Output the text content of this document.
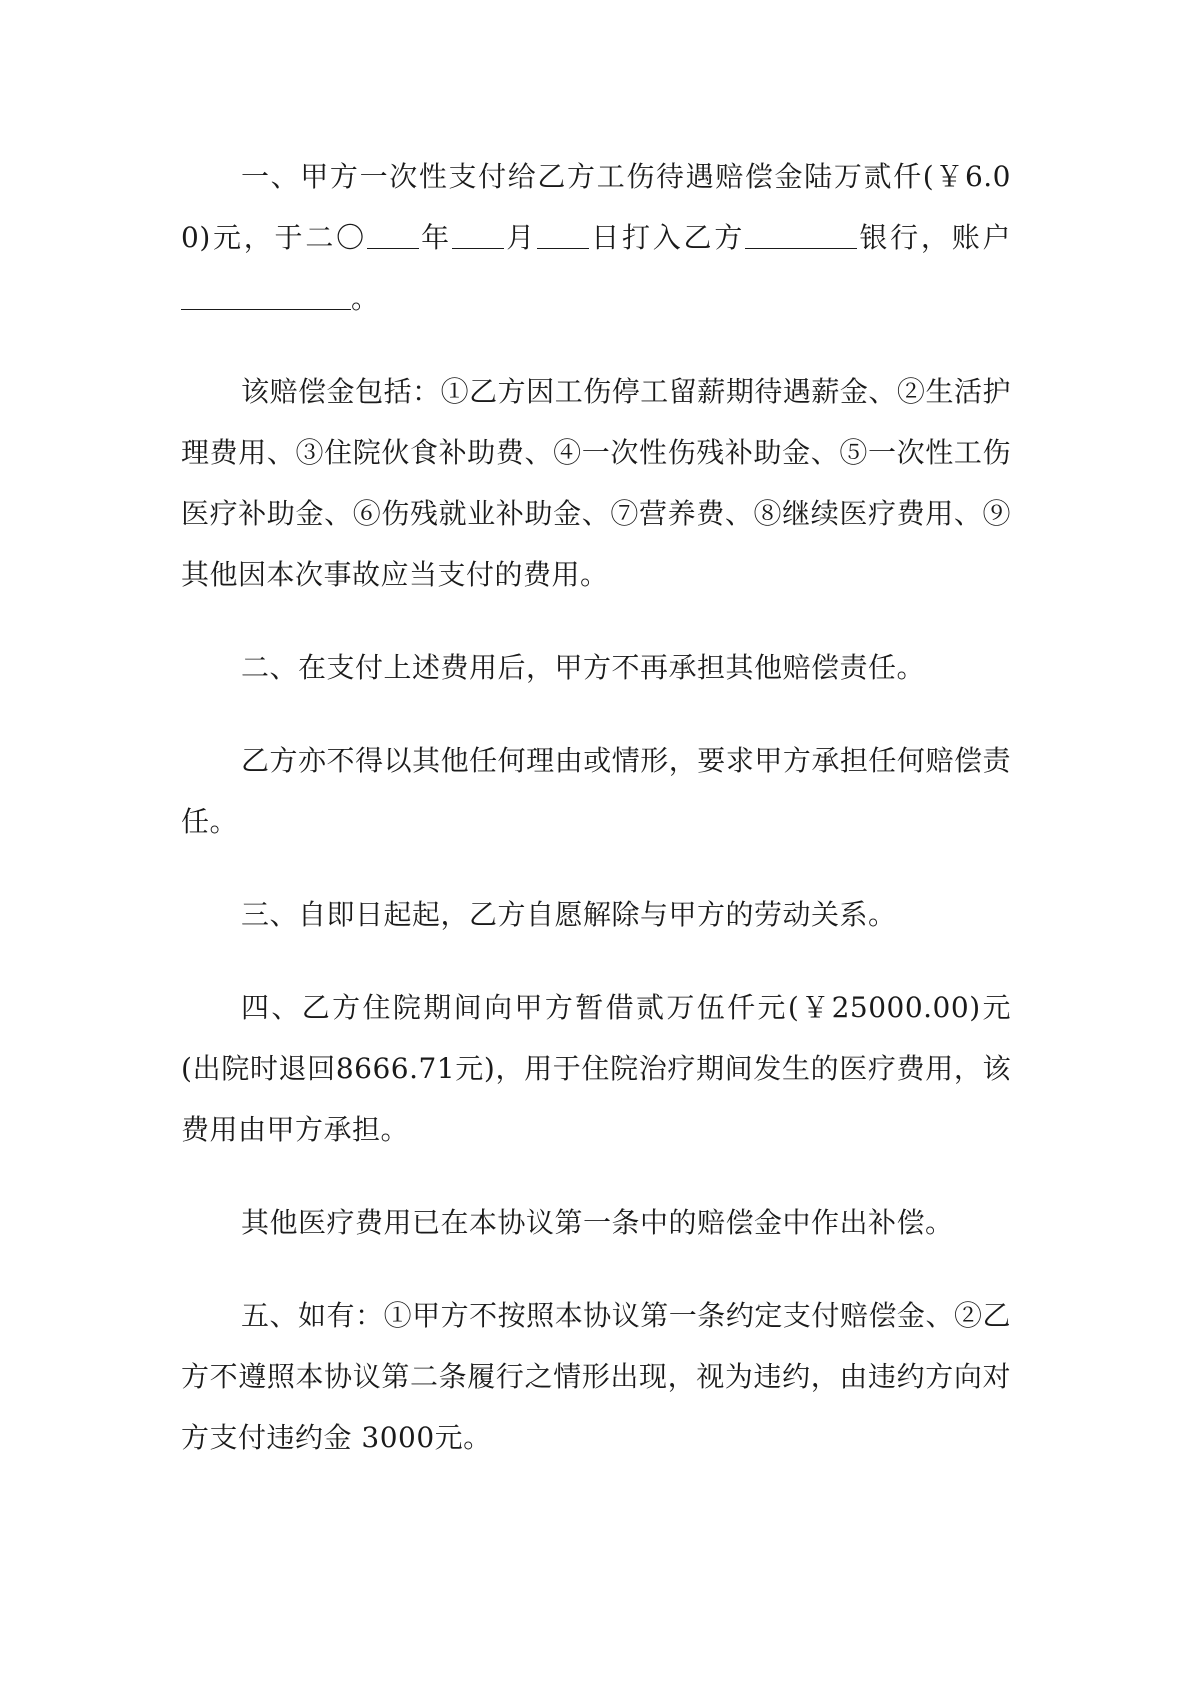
一、甲方一次性支付给乙方工伤待遇赔偿金陆万贰仟(￥6.00)元，于二〇 年 月 日打入乙方	银行，账户。

该赔偿金包括：①乙方因工伤停工留薪期待遇薪金、②生活护理费用、③住院伙食补助费、④一次性伤残补助金、⑤一次性工伤医疗补助金、⑥伤残就业补助金、⑦营养费、⑧继续医疗费用、⑨其他因本次事故应当支付的费用。

二、在支付上述费用后，甲方不再承担其他赔偿责任。

乙方亦不得以其他任何理由或情形，要求甲方承担任何赔偿责任。

三、自即日起起，乙方自愿解除与甲方的劳动关系。

四、乙方住院期间向甲方暂借贰万伍仟元(￥25000.00)元(出院时退回8666.71元)，用于住院治疗期间发生的医疗费用，该费用由甲方承担。

其他医疗费用已在本协议第一条中的赔偿金中作出补偿。

五、如有：①甲方不按照本协议第一条约定支付赔偿金、②乙方不遵照本协议第二条履行之情形出现，视为违约，由违约方向对方支付违约金 3000元。
